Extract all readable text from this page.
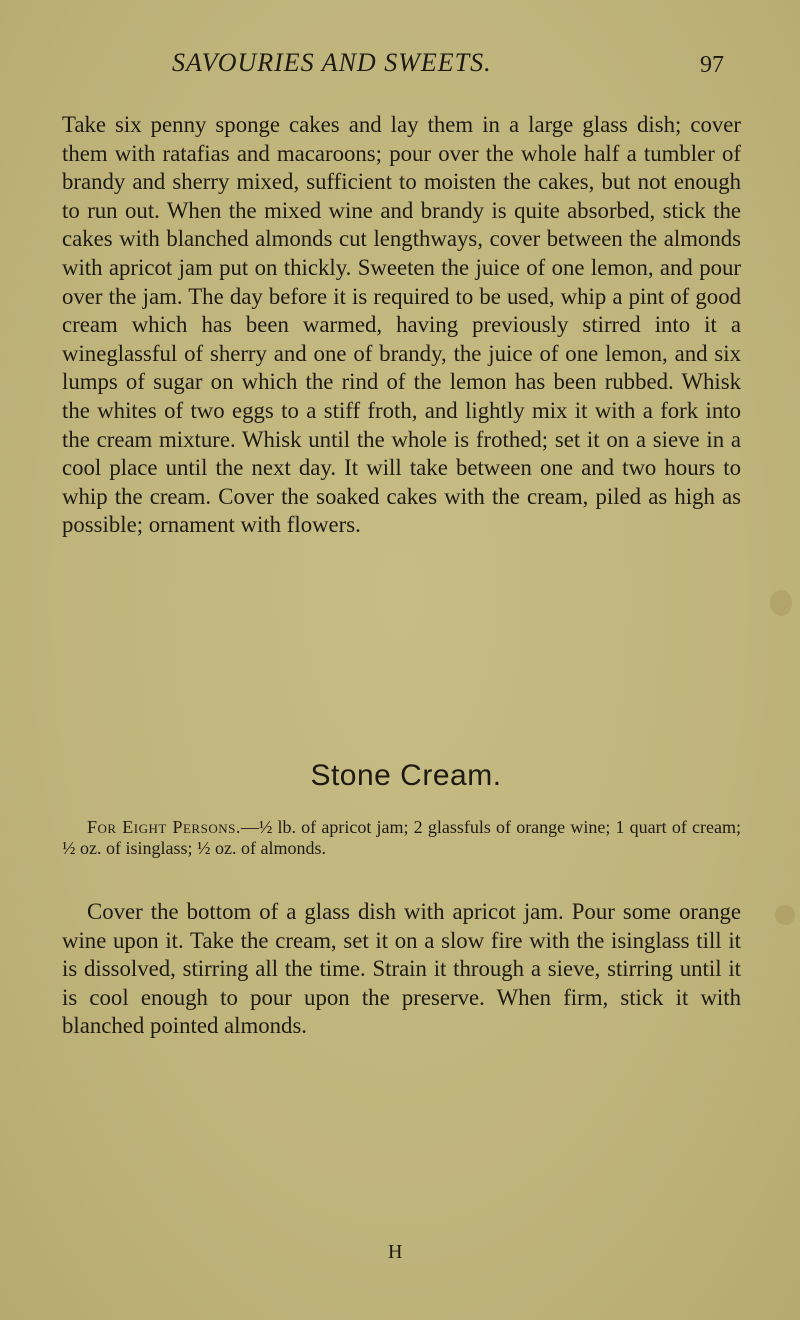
SAVOURIES AND SWEETS.	97

Take six penny sponge cakes and lay them in a large glass dish; cover them with ratafias and macaroons; pour over the whole half a tumbler of brandy and sherry mixed, sufficient to moisten the cakes, but not enough to run out. When the mixed wine and brandy is quite absorbed, stick the cakes with blanched almonds cut lengthways, cover between the almonds with apricot jam put on thickly. Sweeten the juice of one lemon, and pour over the jam. The day before it is required to be used, whip a pint of good cream which has been warmed, having previously stirred into it a wineglassful of sherry and one of brandy, the juice of one lemon, and six lumps of sugar on which the rind of the lemon has been rubbed. Whisk the whites of two eggs to a stiff froth, and lightly mix it with a fork into the cream mixture. Whisk until the whole is frothed; set it on a sieve in a cool place until the next day. It will take between one and two hours to whip the cream. Cover the soaked cakes with the cream, piled as high as possible; ornament with flowers.

Stone Cream.

For Eight Persons.—½ lb. of apricot jam; 2 glassfuls of orange wine; 1 quart of cream; ½ oz. of isinglass; ½ oz. of almonds.

Cover the bottom of a glass dish with apricot jam. Pour some orange wine upon it. Take the cream, set it on a slow fire with the isinglass till it is dissolved, stirring all the time. Strain it through a sieve, stirring until it is cool enough to pour upon the preserve. When firm, stick it with blanched pointed almonds.

H
